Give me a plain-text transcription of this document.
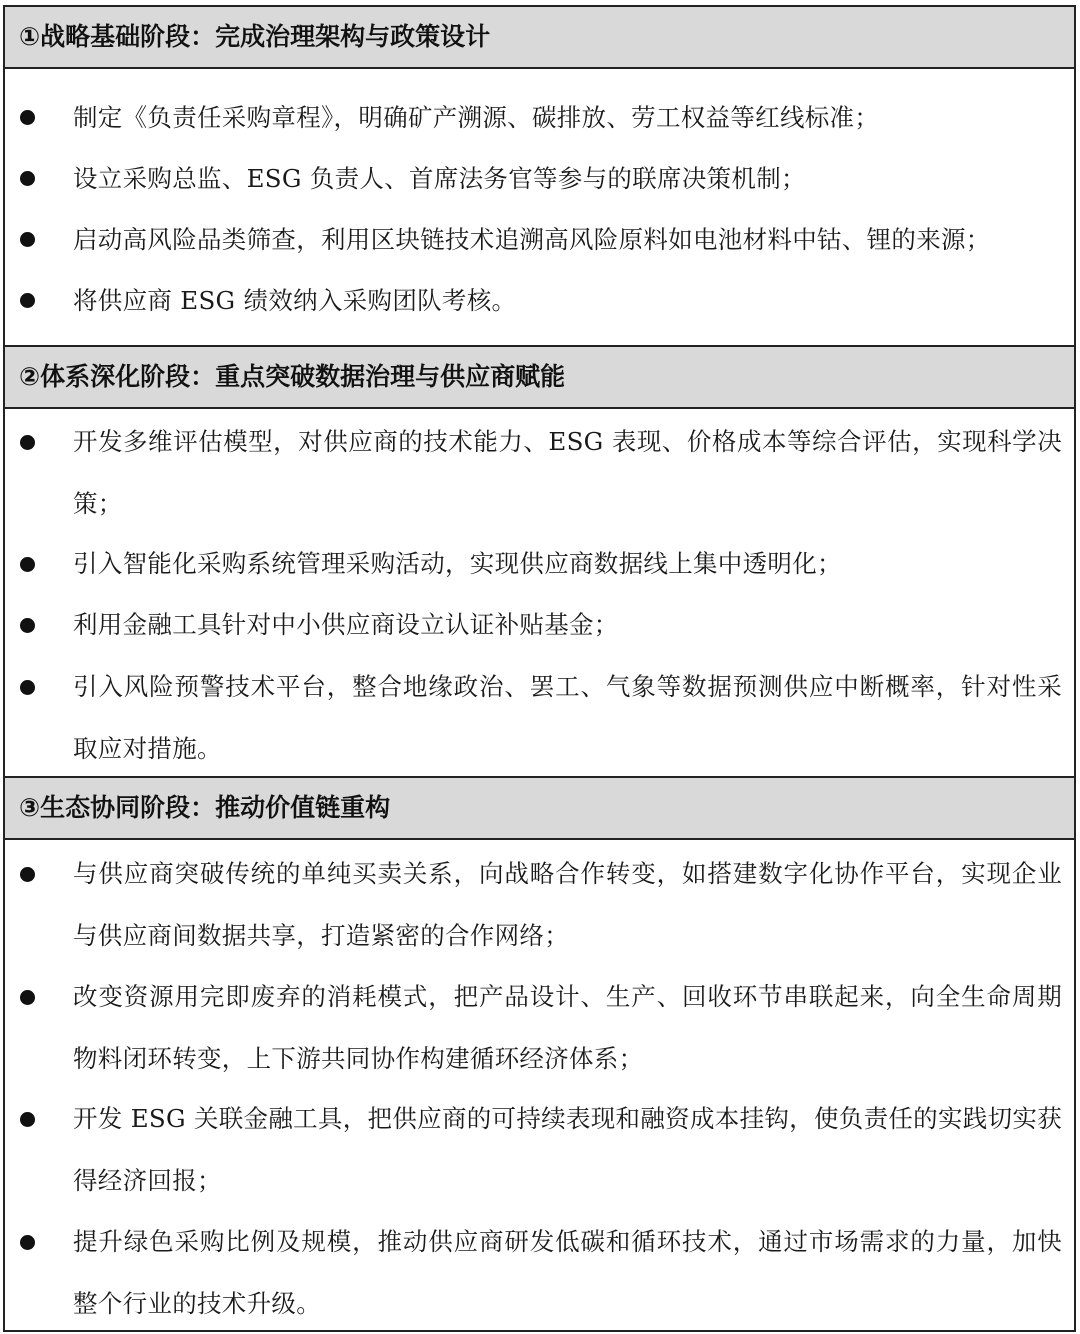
①战略基础阶段：完成治理架构与政策设计
制定《负责任采购章程》，明确矿产溯源、碳排放、劳工权益等红线标准；
设立采购总监、ESG 负责人、首席法务官等参与的联席决策机制；
启动高风险品类筛查，利用区块链技术追溯高风险原料如电池材料中钴、锂的来源；
将供应商 ESG 绩效纳入采购团队考核。
②体系深化阶段：重点突破数据治理与供应商赋能
开发多维评估模型，对供应商的技术能力、ESG 表现、价格成本等综合评估，实现科学决策；
引入智能化采购系统管理采购活动，实现供应商数据线上集中透明化；
利用金融工具针对中小供应商设立认证补贴基金；
引入风险预警技术平台，整合地缘政治、罢工、气象等数据预测供应中断概率，针对性采取应对措施。
③生态协同阶段：推动价值链重构
与供应商突破传统的单纯买卖关系，向战略合作转变，如搭建数字化协作平台，实现企业与供应商间数据共享，打造紧密的合作网络；
改变资源用完即废弃的消耗模式，把产品设计、生产、回收环节串联起来，向全生命周期物料闭环转变，上下游共同协作构建循环经济体系；
开发 ESG 关联金融工具，把供应商的可持续表现和融资成本挂钩，使负责任的实践切实获得经济回报；
提升绿色采购比例及规模，推动供应商研发低碳和循环技术，通过市场需求的力量，加快整个行业的技术升级。
